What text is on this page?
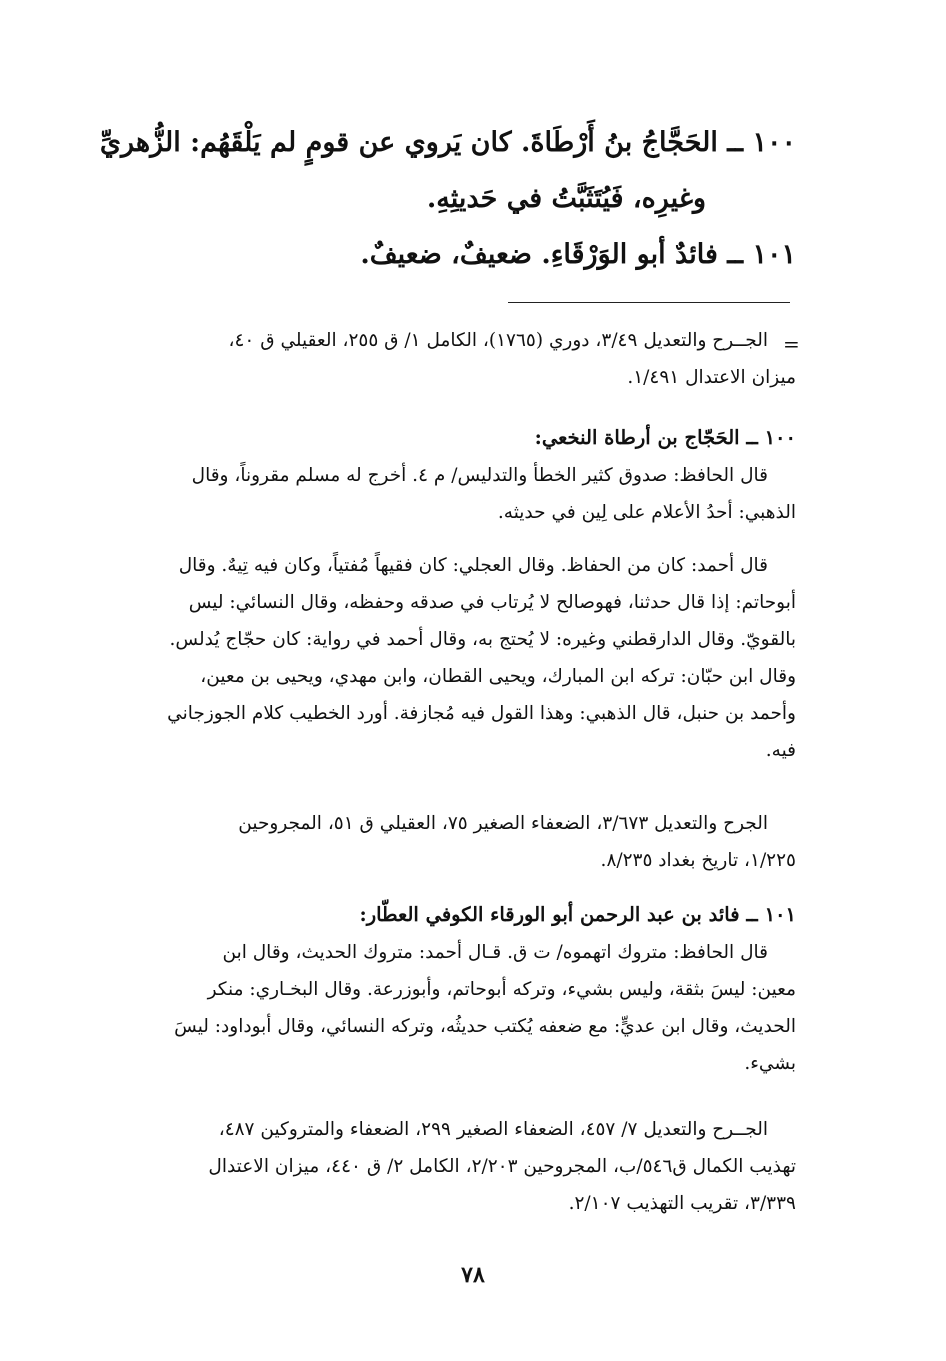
١٠٠ ــ الحَجَّاجُ بنُ أَرْطَاةَ. كان يَروي عن قومٍ لم يَلْقَهُم: الزُّهريِّ
وغيرِه، فَيُتَثَبَّتُ في حَديثِهِ.
١٠١ ــ فائدٌ أبو الوَرْقَاءِ. ضعيفٌ، ضعيفٌ.
=
الجــرح والتعديل ٣/٤٩، دوري (١٧٦٥)، الكامل ١/ ق ٢٥٥، العقيلي ق ٤٠،
ميزان الاعتدال ١/٤٩١.
١٠٠ ــ الحَجّاج بن أرطاة النخعي:
قال الحافظ: صدوق كثير الخطأ والتدليس/ م ٤. أخرج له مسلم مقروناً، وقال
الذهبي: أحدُ الأعلام على لِين في حديثه.
قال أحمد: كان من الحفاظ. وقال العجلي: كان فقيهاً مُفتياً، وكان فيه تِيهٌ. وقال
أبوحاتم: إذا قال حدثنا، فهوصالح لا يُرتاب في صدقه وحفظه، وقال النسائي: ليس
بالقويّ. وقال الدارقطني وغيره: لا يُحتج به، وقال أحمد في رواية: كان حجّاج يُدلس.
وقال ابن حبّان: تركه ابن المبارك، ويحيى القطان، وابن مهدي، ويحيى بن معين،
وأحمد بن حنبل، قال الذهبي: وهذا القول فيه مُجازفة. أورد الخطيب كلام الجوزجاني
فيه.
الجرح والتعديل ٣/٦٧٣، الضعفاء الصغير ٧٥، العقيلي ق ٥١، المجروحين
١/٢٢٥، تاريخ بغداد ٨/٢٣٥.
١٠١ ــ فائد بن عبد الرحمن أبو الورقاء الكوفي العطّار:
قال الحافظ: متروك اتهموه/ ت ق. قـال أحمد: متروك الحديث، وقال ابن
معين: ليسَ بثقة، وليس بشيء، وتركه أبوحاتم، وأبوزرعة. وقال البخـاري: منكر
الحديث، وقال ابن عديٍّ: مع ضعفه يُكتب حديثُه، وتركه النسائي، وقال أبوداود: ليسَ
بشيء.
الجــرح والتعديل ٧/ ٤٥٧، الضعفاء الصغير ٢٩٩، الضعفاء والمتروكين ٤٨٧،
تهذيب الكمال ق٥٤٦/ب، المجروحين ٢/٢٠٣، الكامل ٢/ ق ٤٤٠، ميزان الاعتدال
٣/٣٣٩، تقريب التهذيب ٢/١٠٧.
٧٨
